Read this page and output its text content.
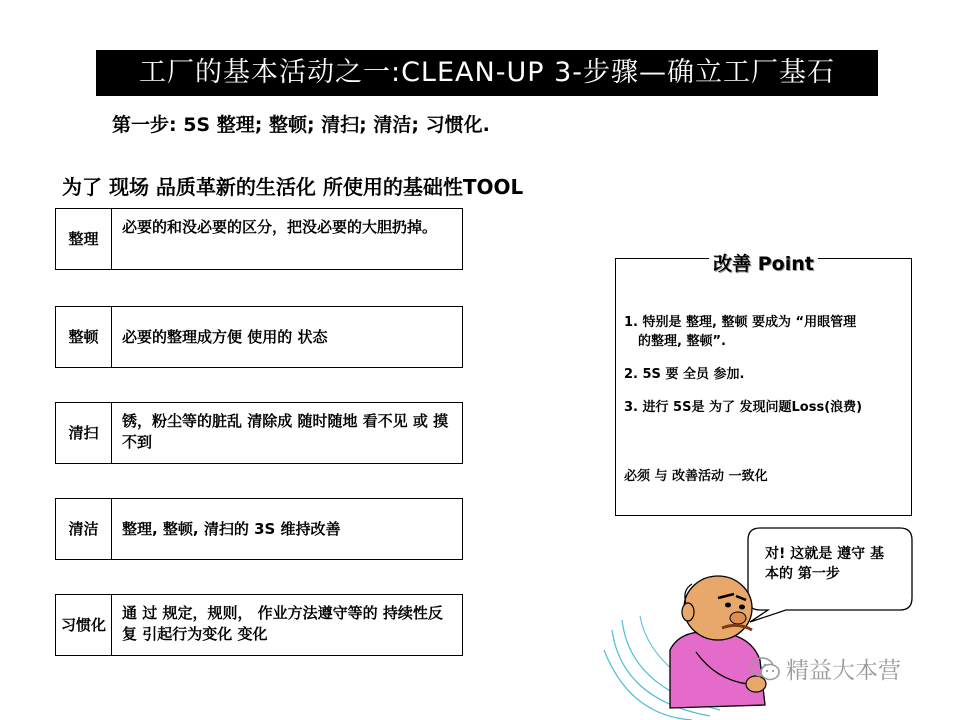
工厂的基本活动之一:CLEAN-UP 3-步骤—确立工厂基石
第一步: 5S 整理; 整顿; 清扫; 清洁; 习惯化.
为了 现场 品质革新的生活化 所使用的基础性TOOL
整理
必要的和没必要的区分，把没必要的大胆扔掉。
整顿	必要的整理成方便 使用的 状态
清扫
锈，粉尘等的脏乱 清除成 随时随地 看不见 或 摸不到
清洁	整理, 整顿, 清扫的 3S 维持改善
习惯化
通 过 规定，规则， 作业方法遵守等的 持续性反复 引起行为变化 变化
改善 Point
1. 特别是 整理, 整顿 要成为 “用眼管理
的整理, 整顿”.
2. 5S 要 全员 参加.
3. 进行 5S是 为了 发现问题Loss(浪费)
必须 与 改善活动 一致化
对! 这就是 遵守 基本的 第一步
精益大本营
